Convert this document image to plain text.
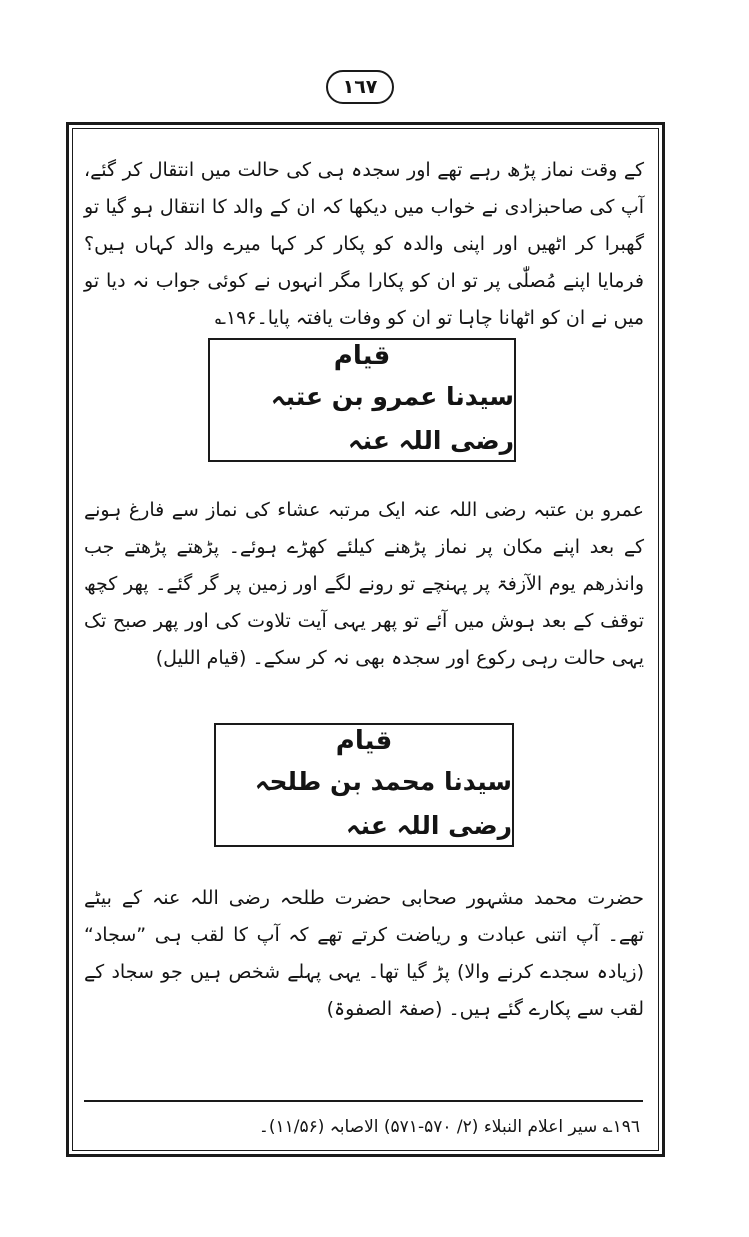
١٦٧
کے وقت نماز پڑھ رہے تھے اور سجدہ ہی کی حالت میں انتقال کر گئے، آپ کی صاحبزادی نے خواب میں دیکھا کہ ان کے والد کا انتقال ہو گیا تو گھبرا کر اٹھیں اور اپنی والدہ کو پکار کر کہا میرے والد کہاں ہیں؟ فرمایا اپنے مُصلّٰی پر تو ان کو پکارا مگر انہوں نے کوئی جواب نہ دیا تو میں نے ان کو اٹھانا چاہا تو ان کو وفات یافتہ پایا۔۱۹۶؎
قیام
سیدنا عمرو بن عتبہ رضی اللہ عنہ
عمرو بن عتبہ رضی اللہ عنہ ایک مرتبہ عشاء کی نماز سے فارغ ہونے کے بعد اپنے مکان پر نماز پڑھنے کیلئے کھڑے ہوئے۔ پڑھتے پڑھتے جب وانذرھم یوم الآزفۃ پر پہنچے تو رونے لگے اور زمین پر گر گئے۔ پھر کچھ توقف کے بعد ہوش میں آئے تو پھر یہی آیت تلاوت کی اور پھر صبح تک یہی حالت رہی رکوع اور سجدہ بھی نہ کر سکے۔ (قیام اللیل)
قیام
سیدنا محمد بن طلحہ رضی اللہ عنہ
حضرت محمد مشہور صحابی حضرت طلحہ رضی اللہ عنہ کے بیٹے تھے۔ آپ اتنی عبادت و ریاضت کرتے تھے کہ آپ کا لقب ہی ”سجاد“ (زیادہ سجدے کرنے والا) پڑ گیا تھا۔ یہی پہلے شخص ہیں جو سجاد کے لقب سے پکارے گئے ہیں۔ (صفۃ الصفوۃ)
١٩٦؎ سیر اعلام النبلاء (۲/ ۵۷۰-۵۷۱) الاصابہ (۱۱/۵۶)۔
